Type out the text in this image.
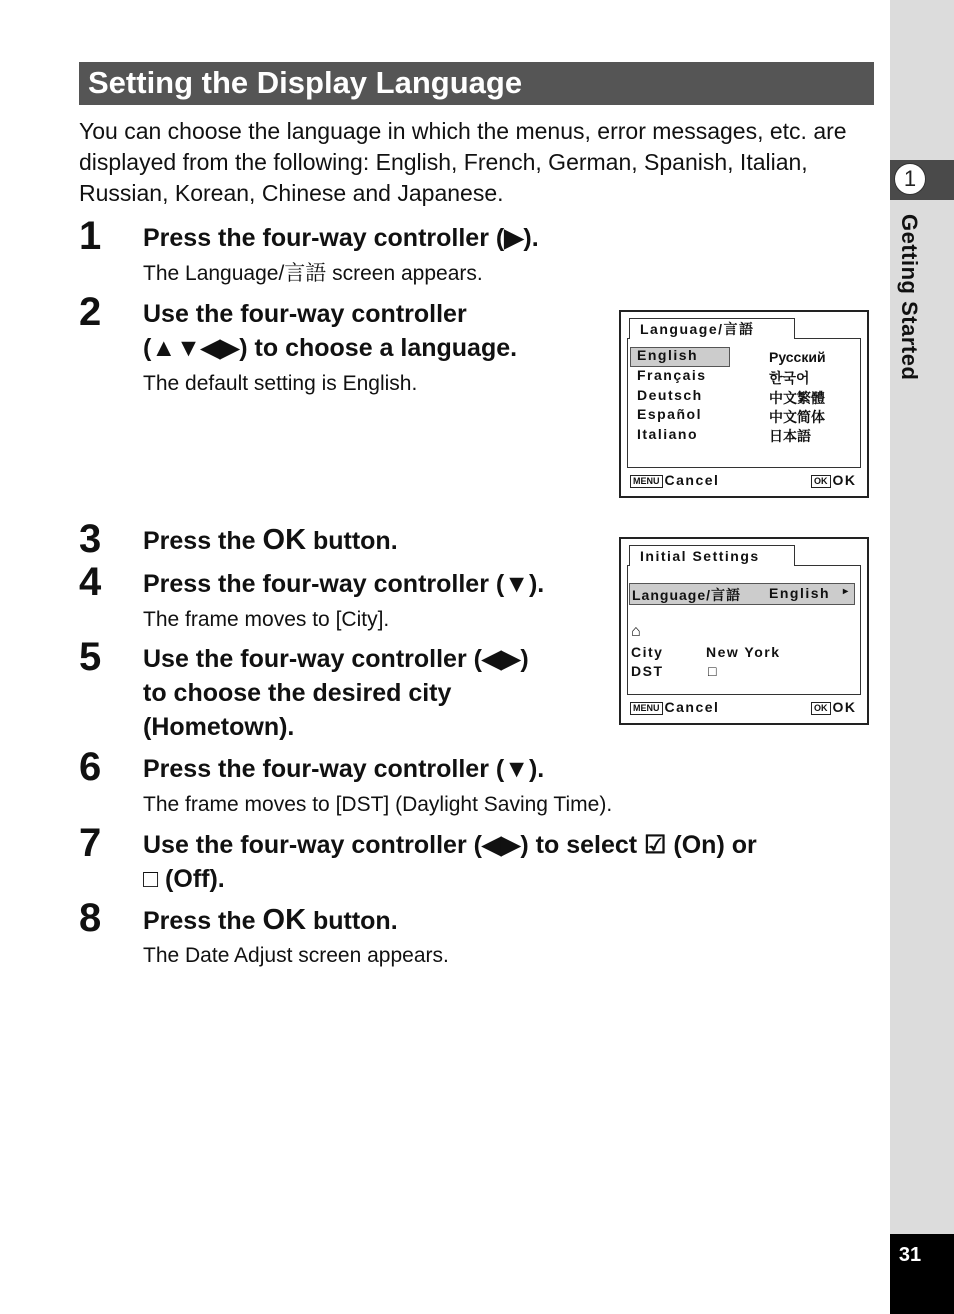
1
Getting Started
31
Setting the Display Language
You can choose the language in which the menus, error messages, etc. are displayed from the following: English, French, German, Spanish, Italian, Russian, Korean, Chinese and Japanese.
1 Press the four-way controller (▶).
The Language/言語 screen appears.
2 Use the four-way controller
(▲▼◀▶) to choose a language.
The default setting is English.
Language/言語
English
Français
Deutsch
Español
Italiano
Русский
한국어
中文繁體
中文简体
日本語
MENU Cancel	OK OK
3 Press the OK button.
4 Press the four-way controller (▼).
The frame moves to [City].
Initial Settings
Language/言語 English ▸
⌂
City	New York
DST	□
MENU Cancel	OK OK
5 Use the four-way controller (◀▶)
to choose the desired city
(Hometown).
6 Press the four-way controller (▼).
The frame moves to [DST] (Daylight Saving Time).
7 Use the four-way controller (◀▶) to select ☑ (On) or
□ (Off).
8 Press the OK button.
The Date Adjust screen appears.
